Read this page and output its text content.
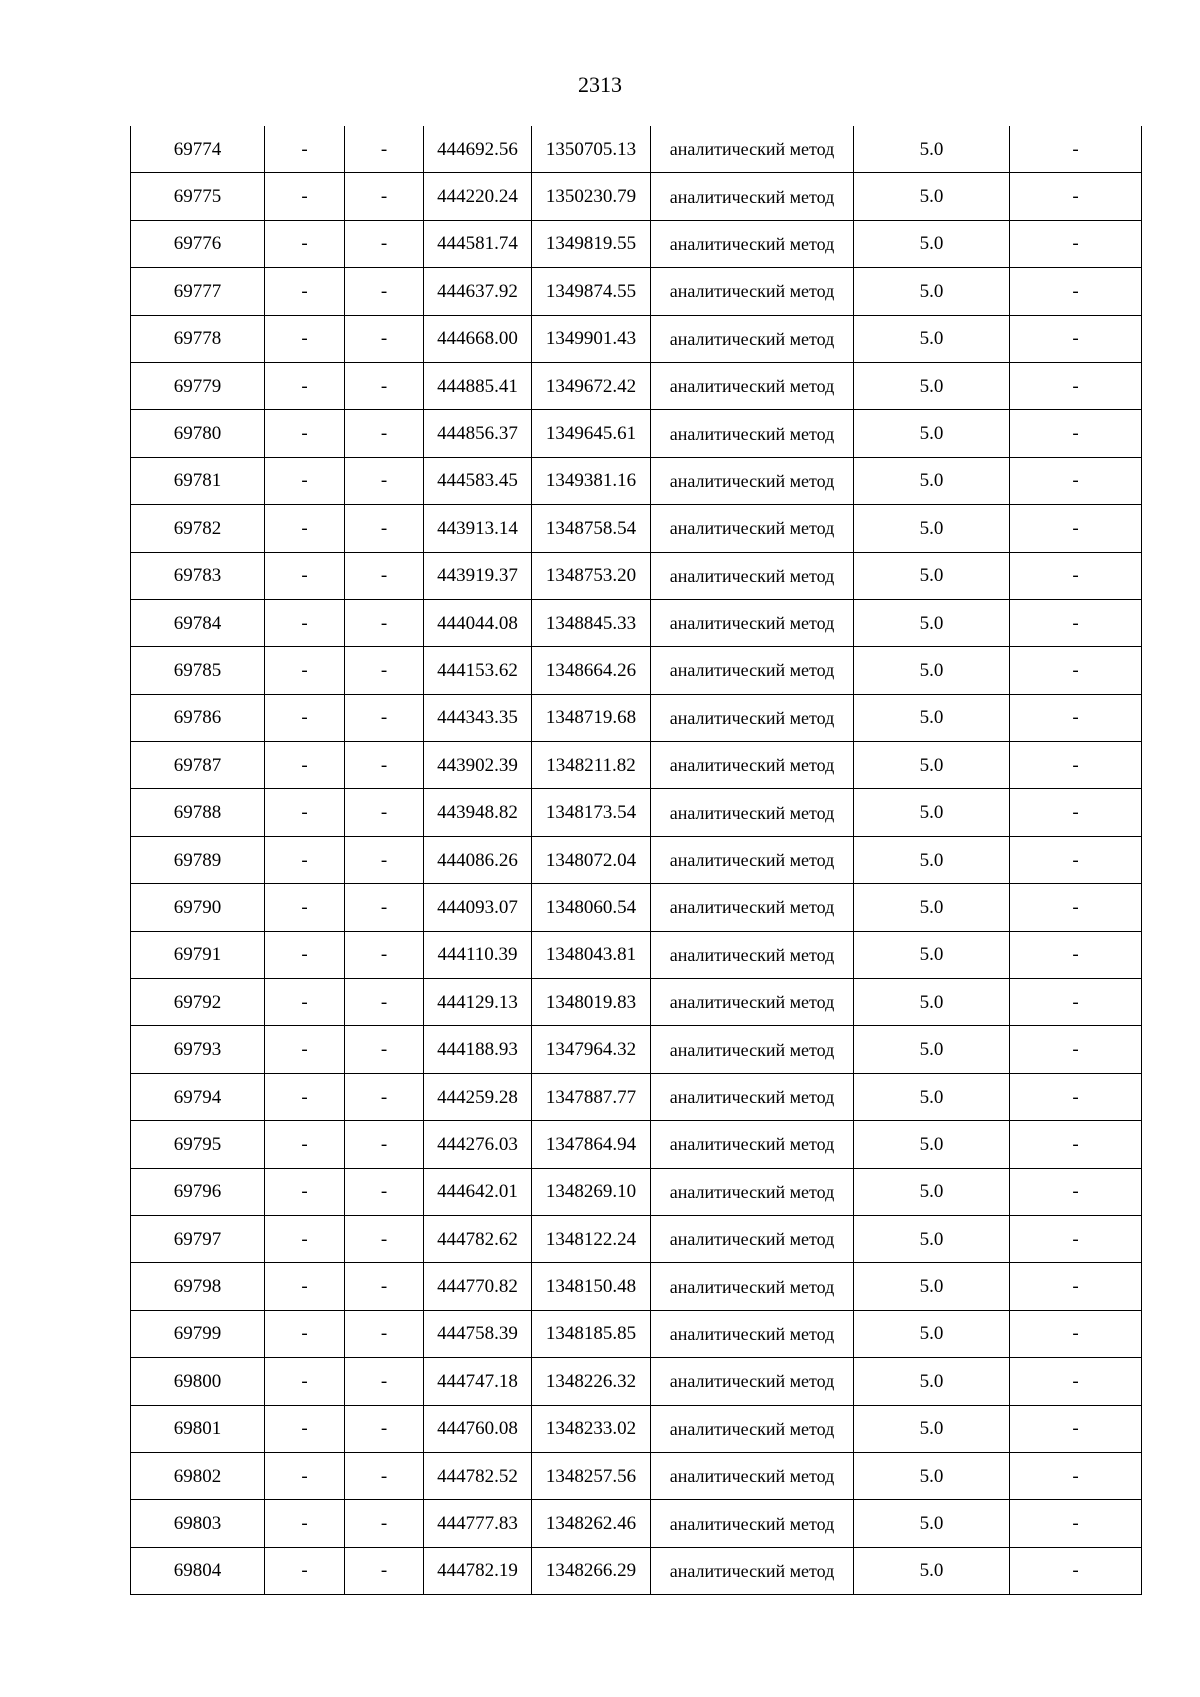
2313
69774	-	-	444692.56	1350705.13	аналитический метод	5.0	-
69775	-	-	444220.24	1350230.79	аналитический метод	5.0	-
69776	-	-	444581.74	1349819.55	аналитический метод	5.0	-
69777	-	-	444637.92	1349874.55	аналитический метод	5.0	-
69778	-	-	444668.00	1349901.43	аналитический метод	5.0	-
69779	-	-	444885.41	1349672.42	аналитический метод	5.0	-
69780	-	-	444856.37	1349645.61	аналитический метод	5.0	-
69781	-	-	444583.45	1349381.16	аналитический метод	5.0	-
69782	-	-	443913.14	1348758.54	аналитический метод	5.0	-
69783	-	-	443919.37	1348753.20	аналитический метод	5.0	-
69784	-	-	444044.08	1348845.33	аналитический метод	5.0	-
69785	-	-	444153.62	1348664.26	аналитический метод	5.0	-
69786	-	-	444343.35	1348719.68	аналитический метод	5.0	-
69787	-	-	443902.39	1348211.82	аналитический метод	5.0	-
69788	-	-	443948.82	1348173.54	аналитический метод	5.0	-
69789	-	-	444086.26	1348072.04	аналитический метод	5.0	-
69790	-	-	444093.07	1348060.54	аналитический метод	5.0	-
69791	-	-	444110.39	1348043.81	аналитический метод	5.0	-
69792	-	-	444129.13	1348019.83	аналитический метод	5.0	-
69793	-	-	444188.93	1347964.32	аналитический метод	5.0	-
69794	-	-	444259.28	1347887.77	аналитический метод	5.0	-
69795	-	-	444276.03	1347864.94	аналитический метод	5.0	-
69796	-	-	444642.01	1348269.10	аналитический метод	5.0	-
69797	-	-	444782.62	1348122.24	аналитический метод	5.0	-
69798	-	-	444770.82	1348150.48	аналитический метод	5.0	-
69799	-	-	444758.39	1348185.85	аналитический метод	5.0	-
69800	-	-	444747.18	1348226.32	аналитический метод	5.0	-
69801	-	-	444760.08	1348233.02	аналитический метод	5.0	-
69802	-	-	444782.52	1348257.56	аналитический метод	5.0	-
69803	-	-	444777.83	1348262.46	аналитический метод	5.0	-
69804	-	-	444782.19	1348266.29	аналитический метод	5.0	-
